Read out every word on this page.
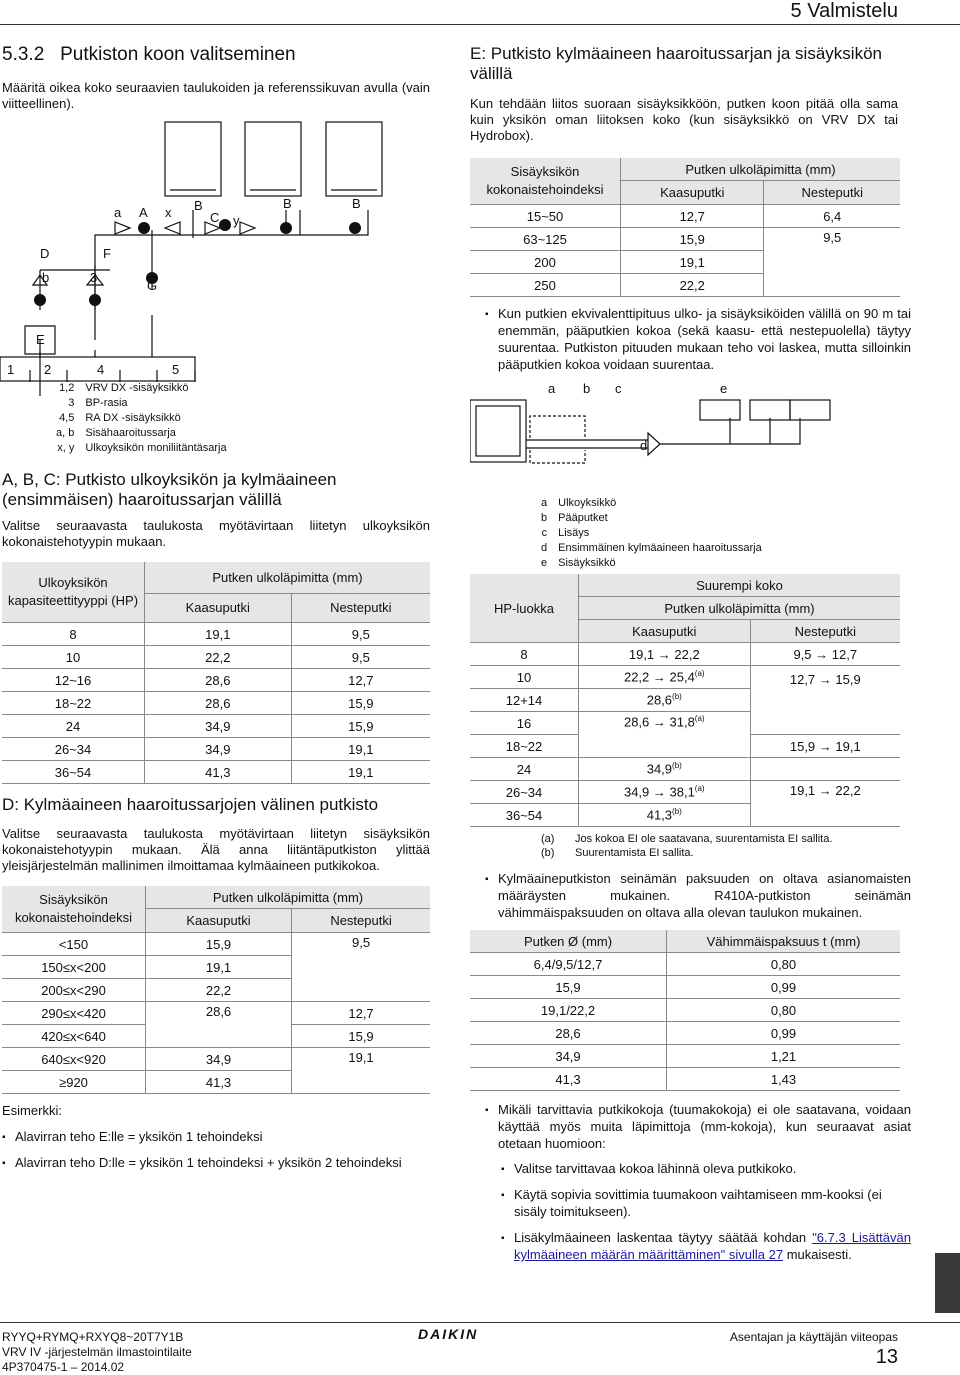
5 Valmistelu
5.3.2 Putkiston koon valitseminen
Määritä oikea koko seuraavien taulukoiden ja referenssikuvan avulla (vain viitteellinen).
a A x B
C y
B	B
D	F
b	3
G
E
1 2	4	5
1,2	VRV DX -sisäyksikkö
3	BP-rasia
4,5	RA DX -sisäyksikkö
a, b	Sisähaaroitussarja
x, y	Ulkoyksikön moniliitäntäsarja
A, B, C: Putkisto ulkoyksikön ja kylmäaineen (ensimmäisen) haaroitussarjan välillä
Valitse seuraavasta taulukosta myötävirtaan liitetyn ulkoyksikön kokonaistehotyypin mukaan.
Ulkoyksikön kapasiteettityyppi (HP)	Putken ulkoläpimitta (mm)	
	Kaasuputki	Nesteputki
8	19,1	9,5
10	22,2	9,5
12~16	28,6	12,7
18~22	28,6	15,9
24	34,9	15,9
26~34	34,9	19,1
36~54	41,3	19,1
D: Kylmäaineen haaroitussarjojen välinen putkisto
Valitse seuraavasta taulukosta myötävirtaan liitetyn sisäyksikön kokonaistehotyypin mukaan. Älä anna liitäntäputkiston ylittää yleisjärjestelmän mallinimen ilmoittamaa kylmäaineen putkikokoa.
Sisäyksikön kokonaistehoindeksi	Putken ulkoläpimitta (mm)	
	Kaasuputki	Nesteputki
<150	15,9	9,5
150≤x<200	19,1	
200≤x<290	22,2	
290≤x<420	28,6	12,7
420≤x<640		15,9
640≤x<920	34,9	19,1
≥920	41,3	
Esimerkki:
▪ Alavirran teho E:lle = yksikön 1 tehoindeksi
▪ Alavirran teho D:lle = yksikön 1 tehoindeksi + yksikön 2 tehoindeksi
E: Putkisto kylmäaineen haaroitussarjan ja sisäyksikön välillä
Kun tehdään liitos suoraan sisäyksikköön, putken koon pitää olla sama kuin yksikön oman liitoksen koko (kun sisäyksikkö on VRV DX tai Hydrobox).
Sisäyksikön kokonaistehoindeksi	Putken ulkoläpimitta (mm)	
	Kaasuputki	Nesteputki
15~50	12,7	6,4
63~125	15,9	9,5
200	19,1	
250	22,2	
▪ Kun putkien ekvivalenttipituus ulko- ja sisäyksiköiden välillä on 90 m tai enemmän, pääputkien kokoa (sekä kaasu- että nestepuolella) täytyy suurentaa. Putkiston pituuden mukaan teho voi laskea, mutta silloinkin pääputkien kokoa voidaan suurentaa.
a b c	e
d
a	Ulkoyksikkö
b	Pääputket
c	Lisäys
d	Ensimmäinen kylmäaineen haaroitussarja
e	Sisäyksikkö
HP-luokka	Suurempi koko	
	Putken ulkoläpimitta (mm)	
	Kaasuputki	Nesteputki
8	19,1 → 22,2	9,5 → 12,7
10	$22,2 \to 25,4^{(a)}$	12,7 → 15,9
12+14	28,6$^{(b)}$
16	$28,6 \to 31,8^{(a)}$
18~22		15,9 → 19,1
24	34,9$^{(b)}$	
26~34	$34,9 \to 38,1^{(a)}$	19,1 → 22,2
36~54	41,3$^{(b)}$
(a)	Jos kokoa EI ole saatavana, suurentamista EI sallita.
(b)	Suurentamista EI sallita.
▪ Kylmäaineputkiston seinämän paksuuden on oltava asianomaisten määräysten mukainen. R410A-putkiston seinämän vähimmäispaksuuden on oltava alla olevan taulukon mukainen.
Putken Ø (mm)	Vähimmäispaksuus t (mm)
6,4/9,5/12,7	0,80
15,9	0,99
19,1/22,2	0,80
28,6	0,99
34,9	1,21
41,3	1,43
▪ Mikäli tarvittavia putkikokoja (tuumakokoja) ei ole saatavana, voidaan käyttää myös muita läpimittoja (mm-kokoja), kun seuraavat asiat otetaan huomioon:
▪ Valitse tarvittavaa kokoa lähinnä oleva putkikoko.
▪ Käytä sopivia sovittimia tuumakoon vaihtamiseen mm-kooksi (ei sisäly toimitukseen).
▪ Lisäkylmäaineen laskentaa täytyy säätää kohdan "6.7.3 Lisättävän kylmäaineen määrän määrittäminen" sivulla 27 mukaisesti.
RYYQ+RYMQ+RXYQ8~20T7Y1B
VRV IV -järjestelmän ilmastointilaite
4P370475-1 – 2014.02
DAIKIN	Asentajan ja käyttäjän viiteopas
13
